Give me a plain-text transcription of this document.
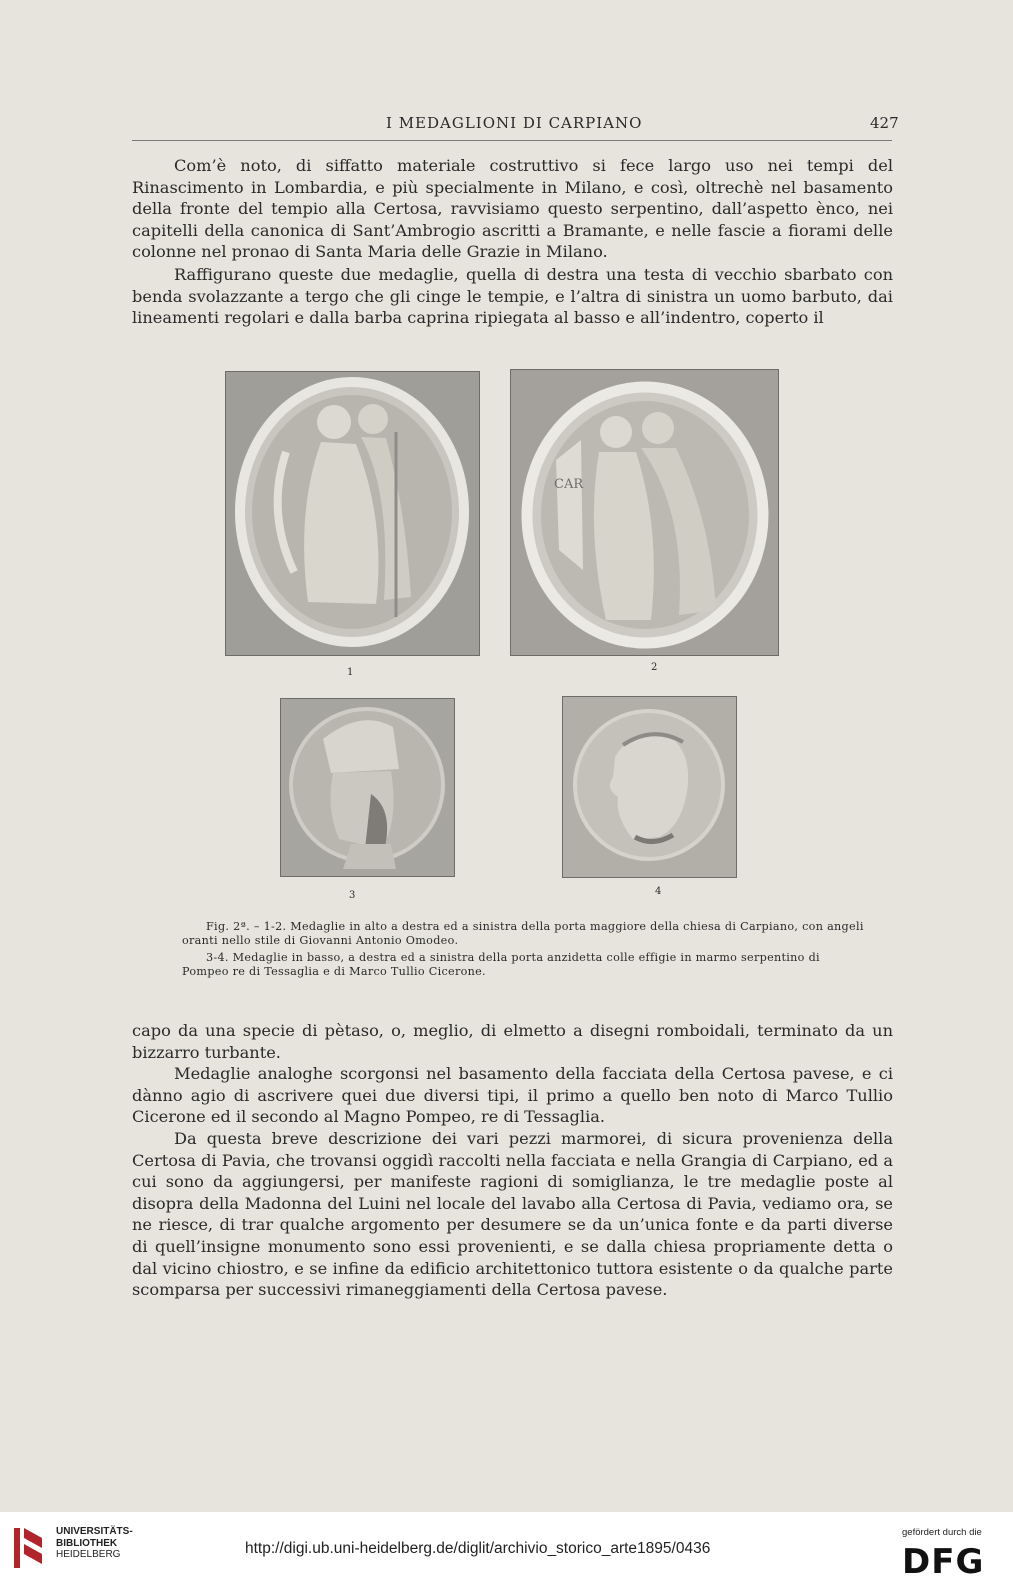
I MEDAGLIONI DI CARPIANO	427

Com’è noto, di siffatto materiale costruttivo si fece largo uso nei tempi del Rinascimento in Lombardia, e più specialmente in Milano, e così, oltrechè nel basamento della fronte del tempio alla Certosa, ravvisiamo questo serpentino, dall’aspetto ènco, nei capitelli della canonica di Sant’Ambrogio ascritti a Bramante, e nelle fascie a fiorami delle colonne nel pronao di Santa Maria delle Grazie in Milano.

Raffigurano queste due medaglie, quella di destra una testa di vecchio sbarbato con benda svolazzante a tergo che gli cinge le tempie, e l’altra di sinistra un uomo barbuto, dai lineamenti regolari e dalla barba caprina ripiegata al basso e all’indentro, coperto il

1
CAR
2
3	4

Fig. 2ª. – 1-2. Medaglie in alto a destra ed a sinistra della porta maggiore della chiesa di Carpiano, con angeli oranti nello stile di Giovanni Antonio Omodeo.

3-4. Medaglie in basso, a destra ed a sinistra della porta anzidetta colle effigie in marmo serpentino di Pompeo re di Tessaglia e di Marco Tullio Cicerone.

capo da una specie di pètaso, o, meglio, di elmetto a disegni romboidali, terminato da un bizzarro turbante.

Medaglie analoghe scorgonsi nel basamento della facciata della Certosa pavese, e ci dànno agio di ascrivere quei due diversi tipi, il primo a quello ben noto di Marco Tullio Cicerone ed il secondo al Magno Pompeo, re di Tessaglia.

Da questa breve descrizione dei vari pezzi marmorei, di sicura provenienza della Certosa di Pavia, che trovansi oggidì raccolti nella facciata e nella Grangia di Carpiano, ed a cui sono da aggiungersi, per manifeste ragioni di somiglianza, le tre medaglie poste al disopra della Madonna del Luini nel locale del lavabo alla Certosa di Pavia, vediamo ora, se ne riesce, di trar qualche argomento per desumere se da un’unica fonte e da parti diverse di quell’insigne monumento sono essi provenienti, e se dalla chiesa propriamente detta o dal vicino chiostro, e se infine da edificio architettonico tuttora esistente o da qualche parte scomparsa per successivi rimaneggiamenti della Certosa pavese.

UNIVERSITÄTS-
BIBLIOTHEK
HEIDELBERG	http://digi.ub.uni-heidelberg.de/diglit/archivio_storico_arte1895/0436
gefördert durch die
DFG
